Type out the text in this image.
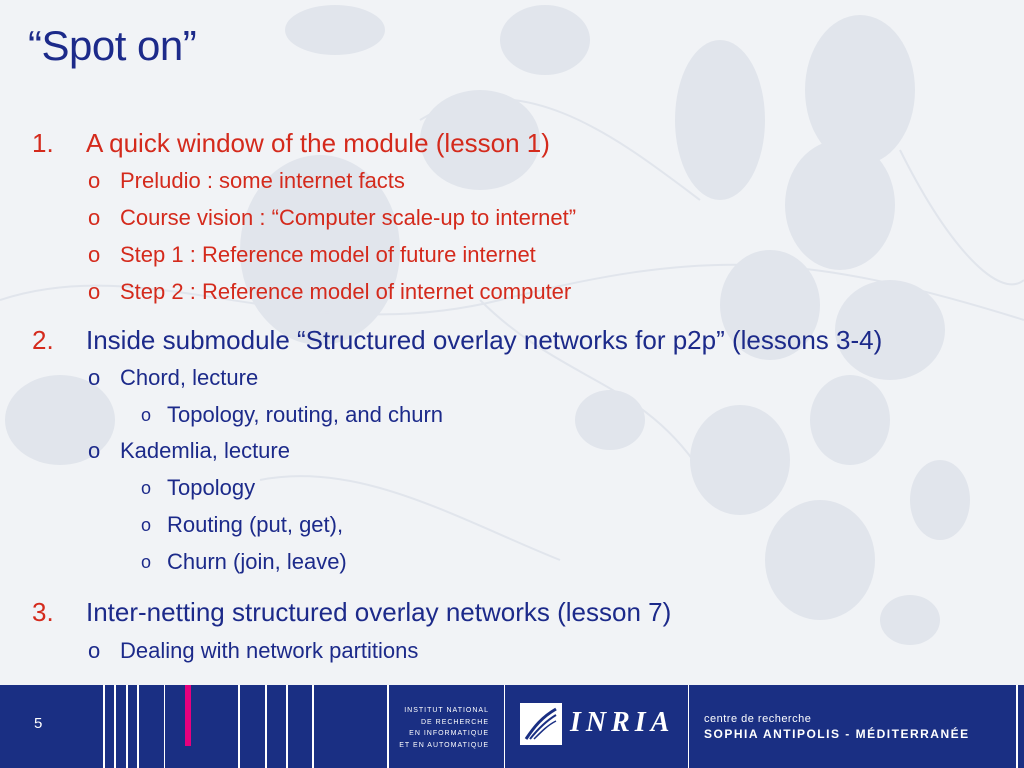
“Spot on”
1. A quick window of the module (lesson 1)
o Preludio : some internet facts
o Course vision : “Computer scale-up to internet”
o Step 1 : Reference model of future internet
o Step 2 : Reference model of internet computer
2. Inside submodule “Structured overlay networks for p2p” (lessons 3-4)
o Chord, lecture
o Topology, routing, and churn
o Kademlia, lecture
o Topology
o Routing (put, get),
o Churn (join, leave)
3. Inter-netting structured overlay networks (lesson 7)
o Dealing with network partitions
5
INSTITUT NATIONAL
DE RECHERCHE
EN INFORMATIQUE
ET EN AUTOMATIQUE
INRIA	centre de recherche
SOPHIA ANTIPOLIS - MÉDITERRANÉE
